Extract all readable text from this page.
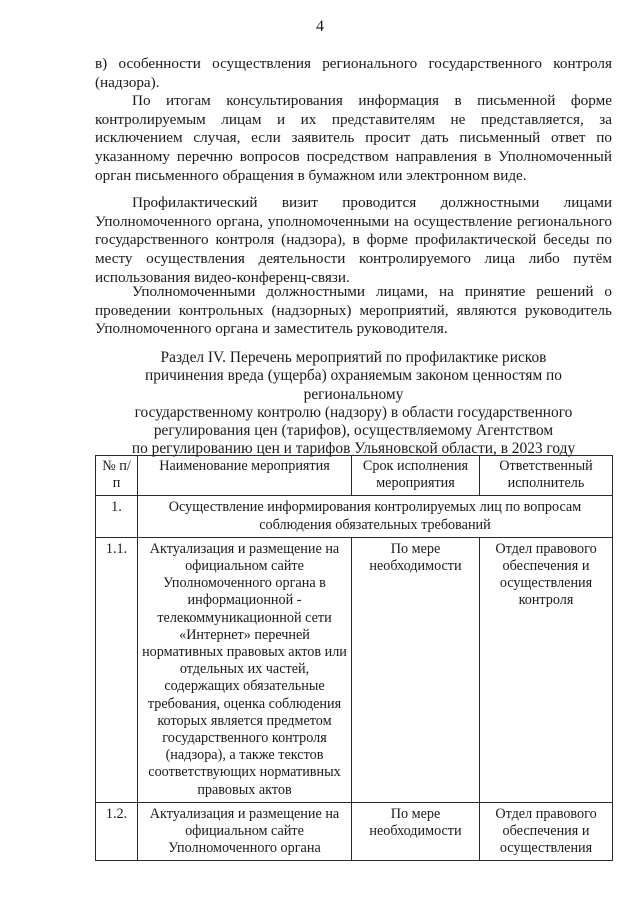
4

в) особенности осуществления регионального государственного контроля (надзора).

По итогам консультирования информация в письменной форме контролируемым лицам и их представителям не представляется, за исключением случая, если заявитель просит дать письменный ответ по указанному перечню вопросов посредством направления в Уполномоченный орган письменного обращения в бумажном или электронном виде.

Профилактический визит проводится должностными лицами Уполномоченного органа, уполномоченными на осуществление регионального государственного контроля (надзора), в форме профилактической беседы по месту осуществления деятельности контролируемого лица либо путём использования видео-конференц-связи.

Уполномоченными должностными лицами, на принятие решений о проведении контрольных (надзорных) мероприятий, являются руководитель Уполномоченного органа и заместитель руководителя.

Раздел IV. Перечень мероприятий по профилактике рисков
причинения вреда (ущерба) охраняемым законом ценностям по региональному
государственному контролю (надзору) в области государственного
регулирования цен (тарифов), осуществляемому Агентством
по регулированию цен и тарифов Ульяновской области, в 2023 году
№ п/п	Наименование мероприятия	Срок исполнения мероприятия	Ответственный исполнитель
1.	Осуществление информирования контролируемых лиц по вопросам соблюдения обязательных требований		
1.1.	Актуализация и размещение на официальном сайте Уполномоченного органа в информационной - телекоммуникационной сети «Интернет» перечней нормативных правовых актов или отдельных их частей, содержащих обязательные требования, оценка соблюдения которых является предметом государственного контроля (надзора), а также текстов соответствующих нормативных правовых актов	По мере необходимости	Отдел правового обеспечения и осуществления контроля

1.2.	Актуализация и размещение на официальном сайте Уполномоченного органа	По мере необходимости	Отдел правового обеспечения и осуществления
